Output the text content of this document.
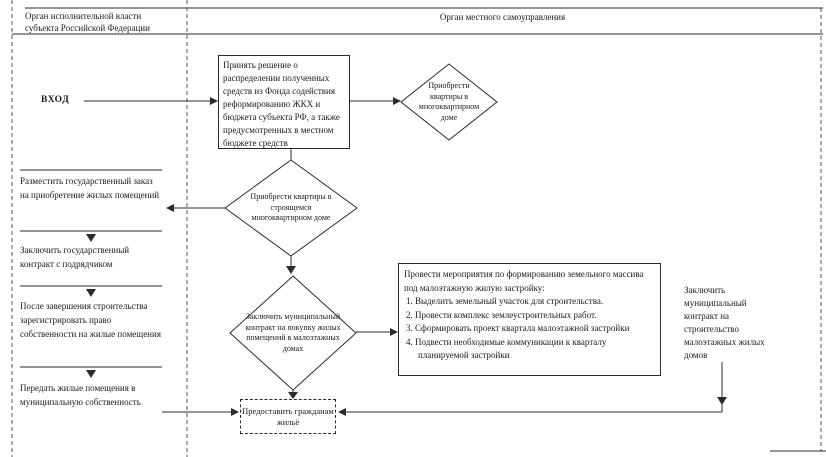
Орган исполнительной власти субъекта Российской Федерации
Орган местного самоуправления
ВХОД
Принять решение о распределении полученных средств из Фонда содействия реформированию ЖКХ и бюджета субъекта РФ, а также предусмотренных в местном бюджете средств
Приобрести квартиры в многоквартирном доме
Приобрести квартиры в строящемся многоквартирном доме
Заключить муниципальный контракт на покупку жилых помещений в малоэтажных домах
Разместить государственный заказ на приобретение жилых помещений
Заключить государственный контракт с подрядчиком
После завершения строительства зарегистрировать право собственности на жилые помещения
Передать жилые помещения в муниципальную собственность
Провести мероприятия по формированию земельного массива под малоэтажную жилую застройку:
1. Выделить земельный участок для строительства.
2. Провести комплекс землеустроительных работ.
3. Сформировать проект квартала малоэтажной застройки
4. Подвести необходимые коммуникации к кварталу планируемой застройки
Заключить муниципальный контракт на строительство малоэтажных жилых домов
Предоставить гражданам жильё
